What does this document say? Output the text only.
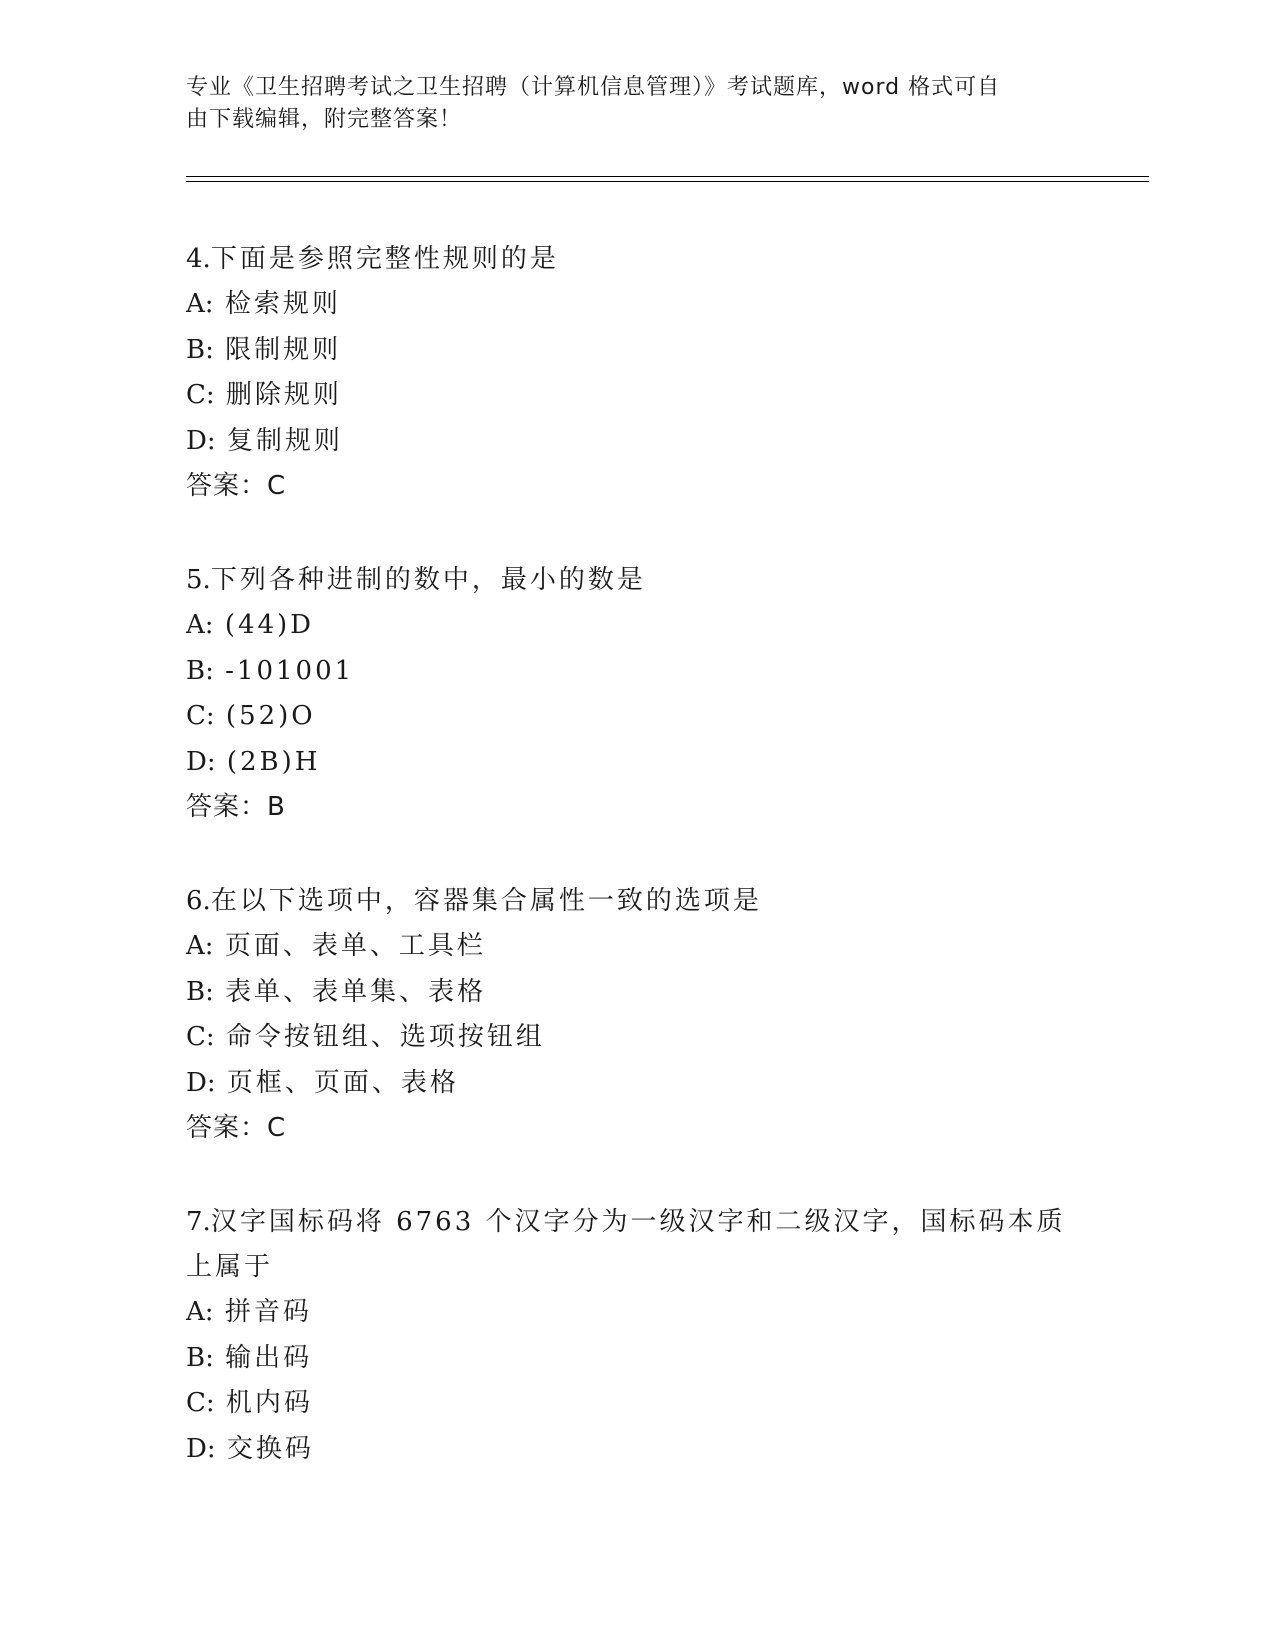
专业《卫生招聘考试之卫生招聘（计算机信息管理）》考试题库，word 格式可自
由下载编辑，附完整答案！
4.下面是参照完整性规则的是
A: 检索规则
B: 限制规则
C: 删除规则
D: 复制规则
答案：C
5.下列各种进制的数中，最小的数是
A: (44)D
B: -101001
C: (52)O
D: (2B)H
答案：B
6.在以下选项中，容器集合属性一致的选项是
A: 页面、表单、工具栏
B: 表单、表单集、表格
C: 命令按钮组、选项按钮组
D: 页框、页面、表格
答案：C
7.汉字国标码将 6763 个汉字分为一级汉字和二级汉字，国标码本质上属于
A: 拼音码
B: 输出码
C: 机内码
D: 交换码
